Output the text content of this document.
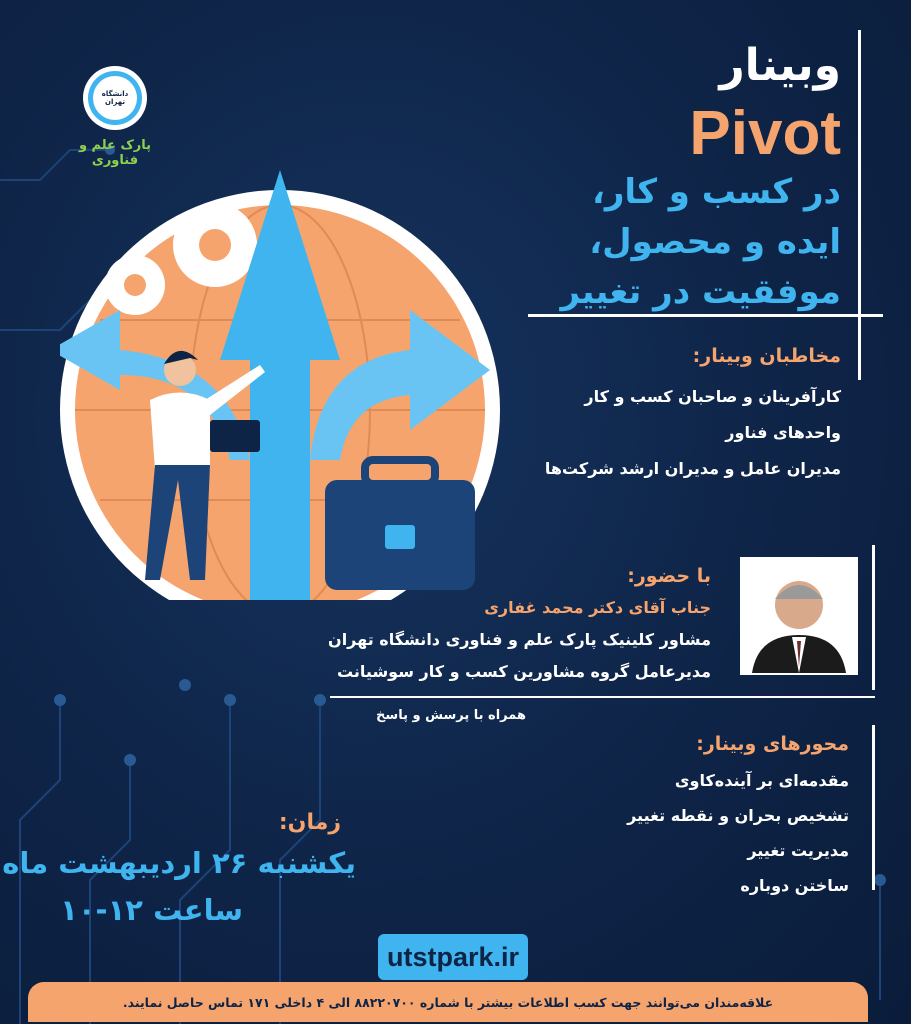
دانشگاه تهران
پارک علم و فناوری
وبینار
Pivot
در کسب و کار،
ایده و محصول،
موفقیت در تغییر
مخاطبان وبینار:
کارآفرینان و صاحبان کسب و کار
واحدهای فناور
مدیران عامل و مدیران ارشد شرکت‌ها
با حضور:
جناب آقای دکتر محمد غفاری
مشاور کلینیک پارک علم و فناوری دانشگاه تهران
مدیرعامل گروه مشاورین کسب و کار سوشیانت
همراه با پرسش و پاسخ
محورهای وبینار:
مقدمه‌ای بر آینده‌کاوی
تشخیص بحران و نقطه تغییر
مدیریت تغییر
ساختن دوباره
زمان:
یکشنبه ۲۶ اردیبهشت ماه
ساعت ۱۲-۱۰
utstpark.ir
علاقه‌مندان می‌توانند جهت کسب اطلاعات بیشتر با شماره ۸۸۲۲۰۷۰۰ الی ۴ داخلی ۱۷۱ تماس حاصل نمایند.
